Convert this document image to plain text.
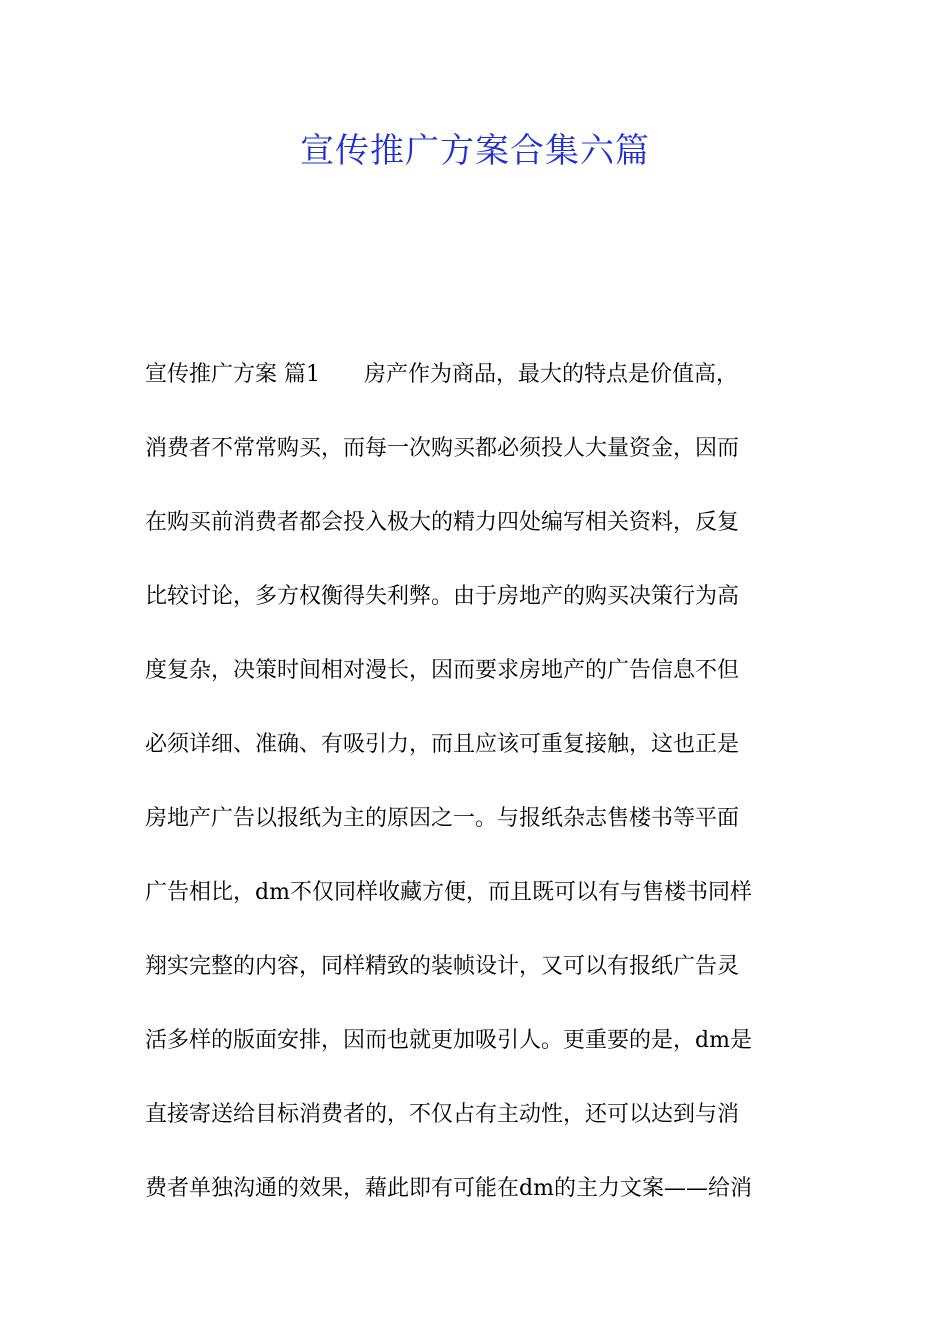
宣传推广方案合集六篇
宣传推广方案 篇1　　房产作为商品，最大的特点是价值高，
消费者不常常购买，而每一次购买都必须投人大量资金，因而
在购买前消费者都会投入极大的精力四处编写相关资料，反复
比较讨论，多方权衡得失利弊。由于房地产的购买决策行为高
度复杂，决策时间相对漫长，因而要求房地产的广告信息不但
必须详细、准确、有吸引力，而且应该可重复接触，这也正是
房地产广告以报纸为主的原因之一。与报纸杂志售楼书等平面
广告相比，dm不仅同样收藏方便，而且既可以有与售楼书同样
翔实完整的内容，同样精致的装帧设计，又可以有报纸广告灵
活多样的版面安排，因而也就更加吸引人。更重要的是，dm是
直接寄送给目标消费者的，不仅占有主动性，还可以达到与消
费者单独沟通的效果，藉此即有可能在dm的主力文案——给消
